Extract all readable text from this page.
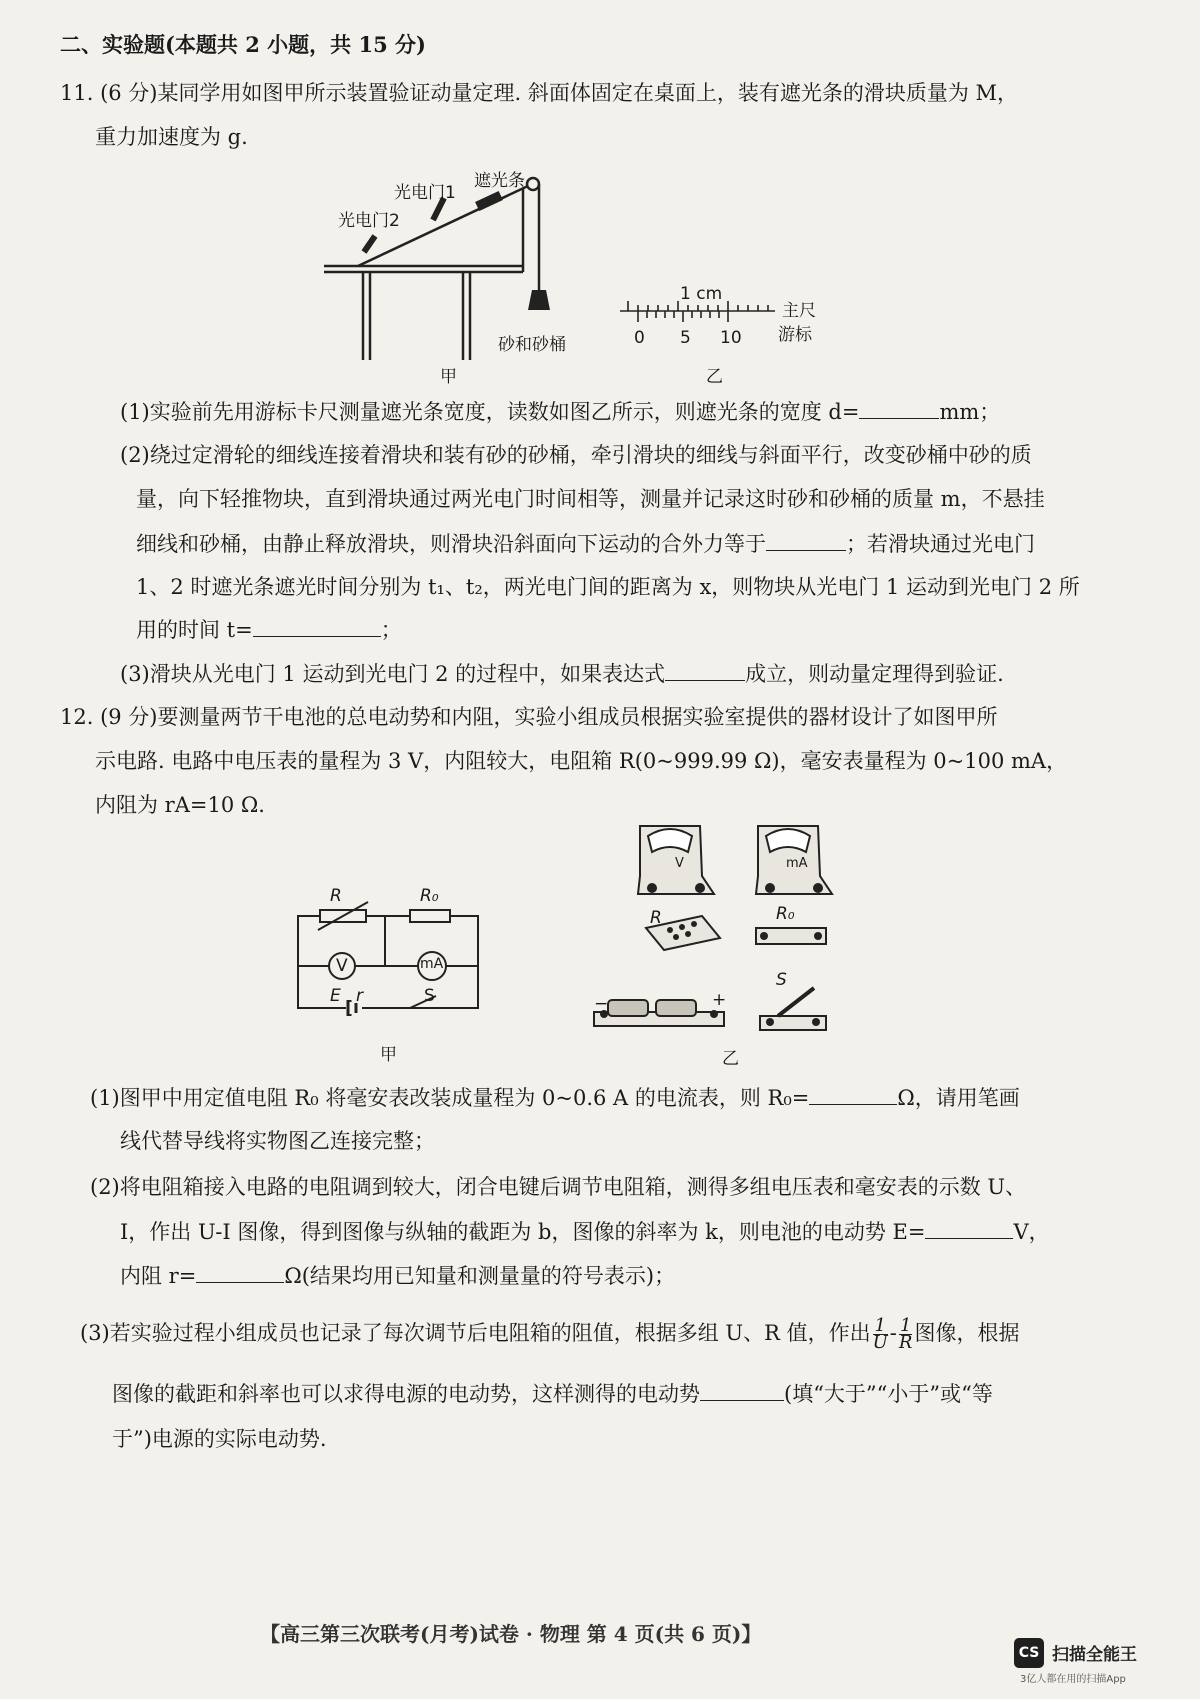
二、实验题(本题共 2 小题，共 15 分)
11. (6 分)某同学用如图甲所示装置验证动量定理. 斜面体固定在桌面上，装有遮光条的滑块质量为 M，
重力加速度为 g.
光电门1
光电门2
遮光条
砂和砂桶
甲
1 cm
主尺
游标
0 5 10
乙
(1)实验前先用游标卡尺测量遮光条宽度，读数如图乙所示，则遮光条的宽度 d=	mm；
(2)绕过定滑轮的细线连接着滑块和装有砂的砂桶，牵引滑块的细线与斜面平行，改变砂桶中砂的质
量，向下轻推物块，直到滑块通过两光电门时间相等，测量并记录这时砂和砂桶的质量 m，不悬挂
细线和砂桶，由静止释放滑块，则滑块沿斜面向下运动的合外力等于	；若滑块通过光电门
1、2 时遮光条遮光时间分别为 t₁、t₂，两光电门间的距离为 x，则物块从光电门 1 运动到光电门 2 所
用的时间 t=	；
(3)滑块从光电门 1 运动到光电门 2 的过程中，如果表达式	成立，则动量定理得到验证.
12. (9 分)要测量两节干电池的总电动势和内阻，实验小组成员根据实验室提供的器材设计了如图甲所
示电路. 电路中电压表的量程为 3 V，内阻较大，电阻箱 R(0~999.99 Ω)，毫安表量程为 0~100 mA，
内阻为 rA=10 Ω.
R	R₀
V	mA
E r	S
甲
V	mA
R	R₀
S
−	+
乙
(1)图甲中用定值电阻 R₀ 将毫安表改装成量程为 0~0.6 A 的电流表，则 R₀=	Ω，请用笔画
线代替导线将实物图乙连接完整；
(2)将电阻箱接入电路的电阻调到较大，闭合电键后调节电阻箱，测得多组电压表和毫安表的示数 U、
I，作出 U-I 图像，得到图像与纵轴的截距为 b，图像的斜率为 k，则电池的电动势 E=	V，
内阻 r=	Ω(结果均用已知量和测量量的符号表示)；
(3)若实验过程小组成员也记录了每次调节后电阻箱的阻值，根据多组 U、R 值，作出 $\frac{1}{U} - \frac{1}{R}$ 图像，根据
图像的截距和斜率也可以求得电源的电动势，这样测得的电动势	(填“大于”“小于”或“等
于”)电源的实际电动势.
【高三第三次联考(月考)试卷 · 物理 第 4 页(共 6 页)】
CS 扫描全能王
3亿人都在用的扫描App
